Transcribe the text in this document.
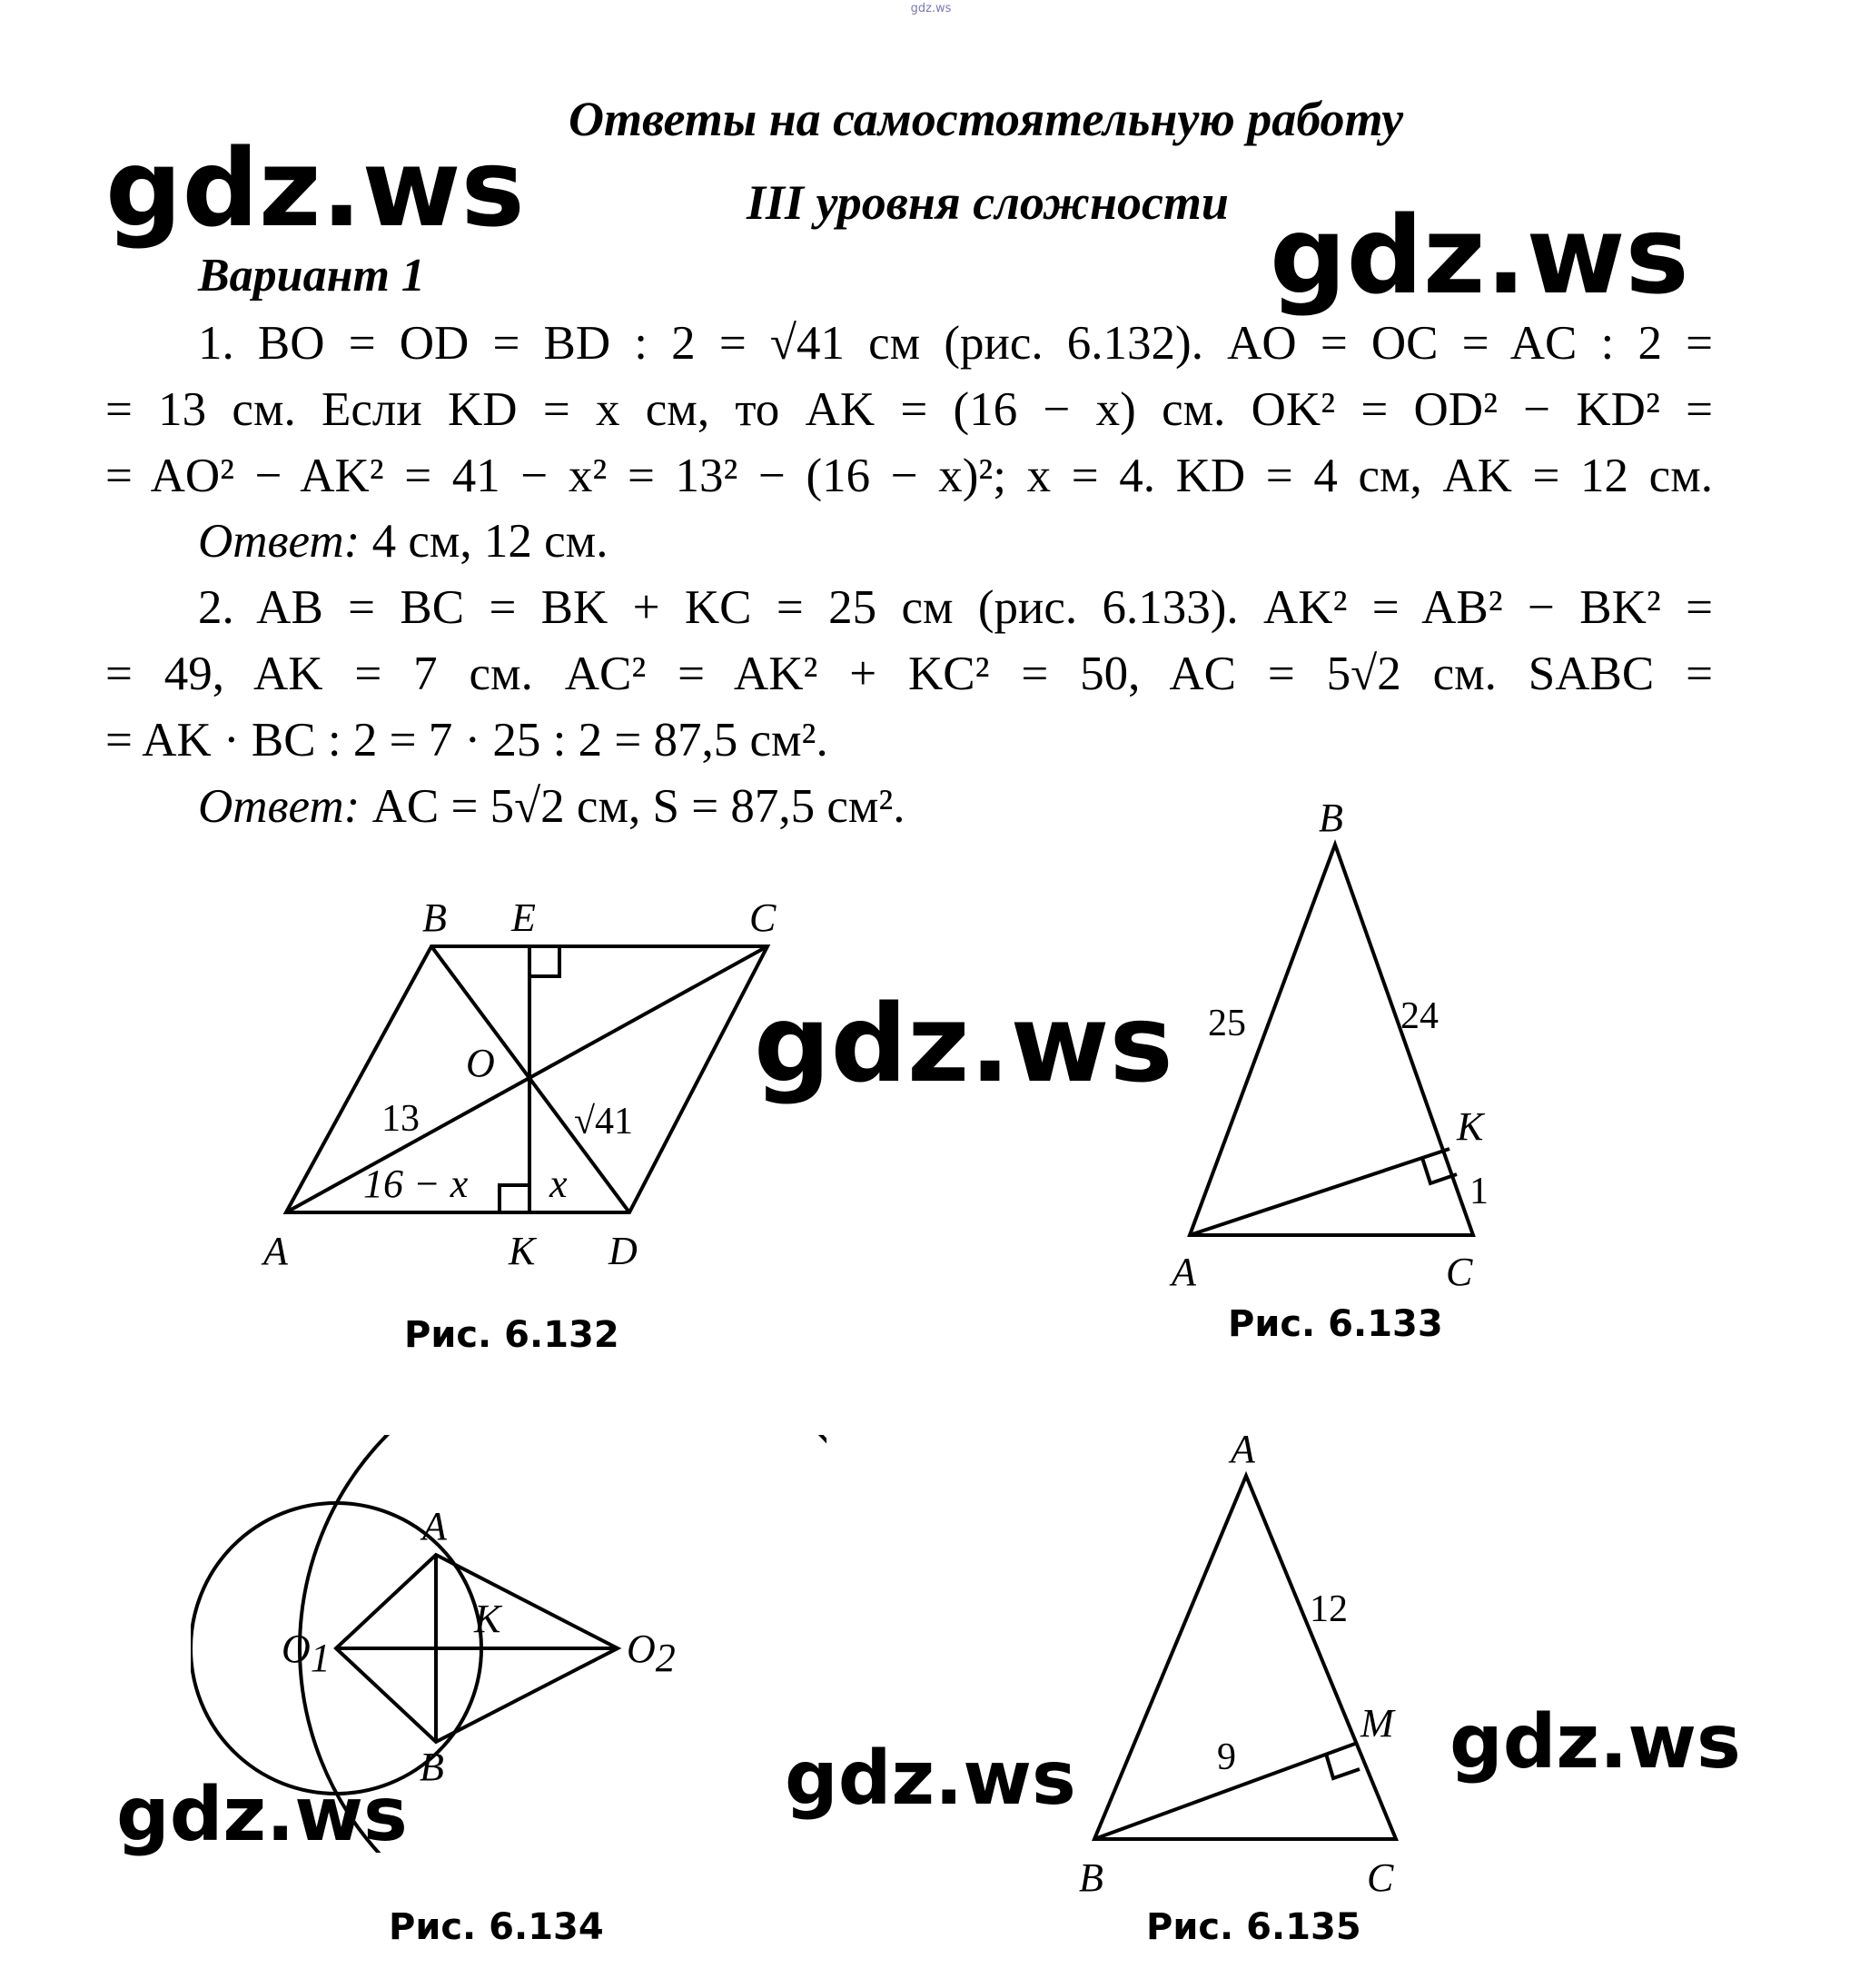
gdz.ws
Ответы на самостоятельную работу
III уровня сложности
gdz.ws
gdz.ws
gdz.ws
gdz.ws
gdz.ws
gdz.ws
Вариант 1
1. BO = OD = BD : 2 = √41 см (рис. 6.132). AO = OC = AC : 2 =
= 13 см. Если KD = x см, то AK = (16 − x) см. OK² = OD² − KD² =
= AO² − AK² = 41 − x² = 13² − (16 − x)²; x = 4. KD = 4 см, AK = 12 см.
Ответ: 4 см, 12 см.
2. AB = BC = BK + KC = 25 см (рис. 6.133). AK² = AB² − BK² =
= 49, AK = 7 см. AC² = AK² + KC² = 50, AC = 5√2 см. SABC =
= AK · BC : 2 = 7 · 25 : 2 = 87,5 см².
Ответ: AC = 5√2 см, S = 87,5 см².
B E	C
O
A	K D
13	√41
16 − x x
Рис. 6.132
B
A	C
K
25	24
1
Рис. 6.133
A
B
K
O1	O2
Рис. 6.134
A
B	C
M
12
9
Рис. 6.135
